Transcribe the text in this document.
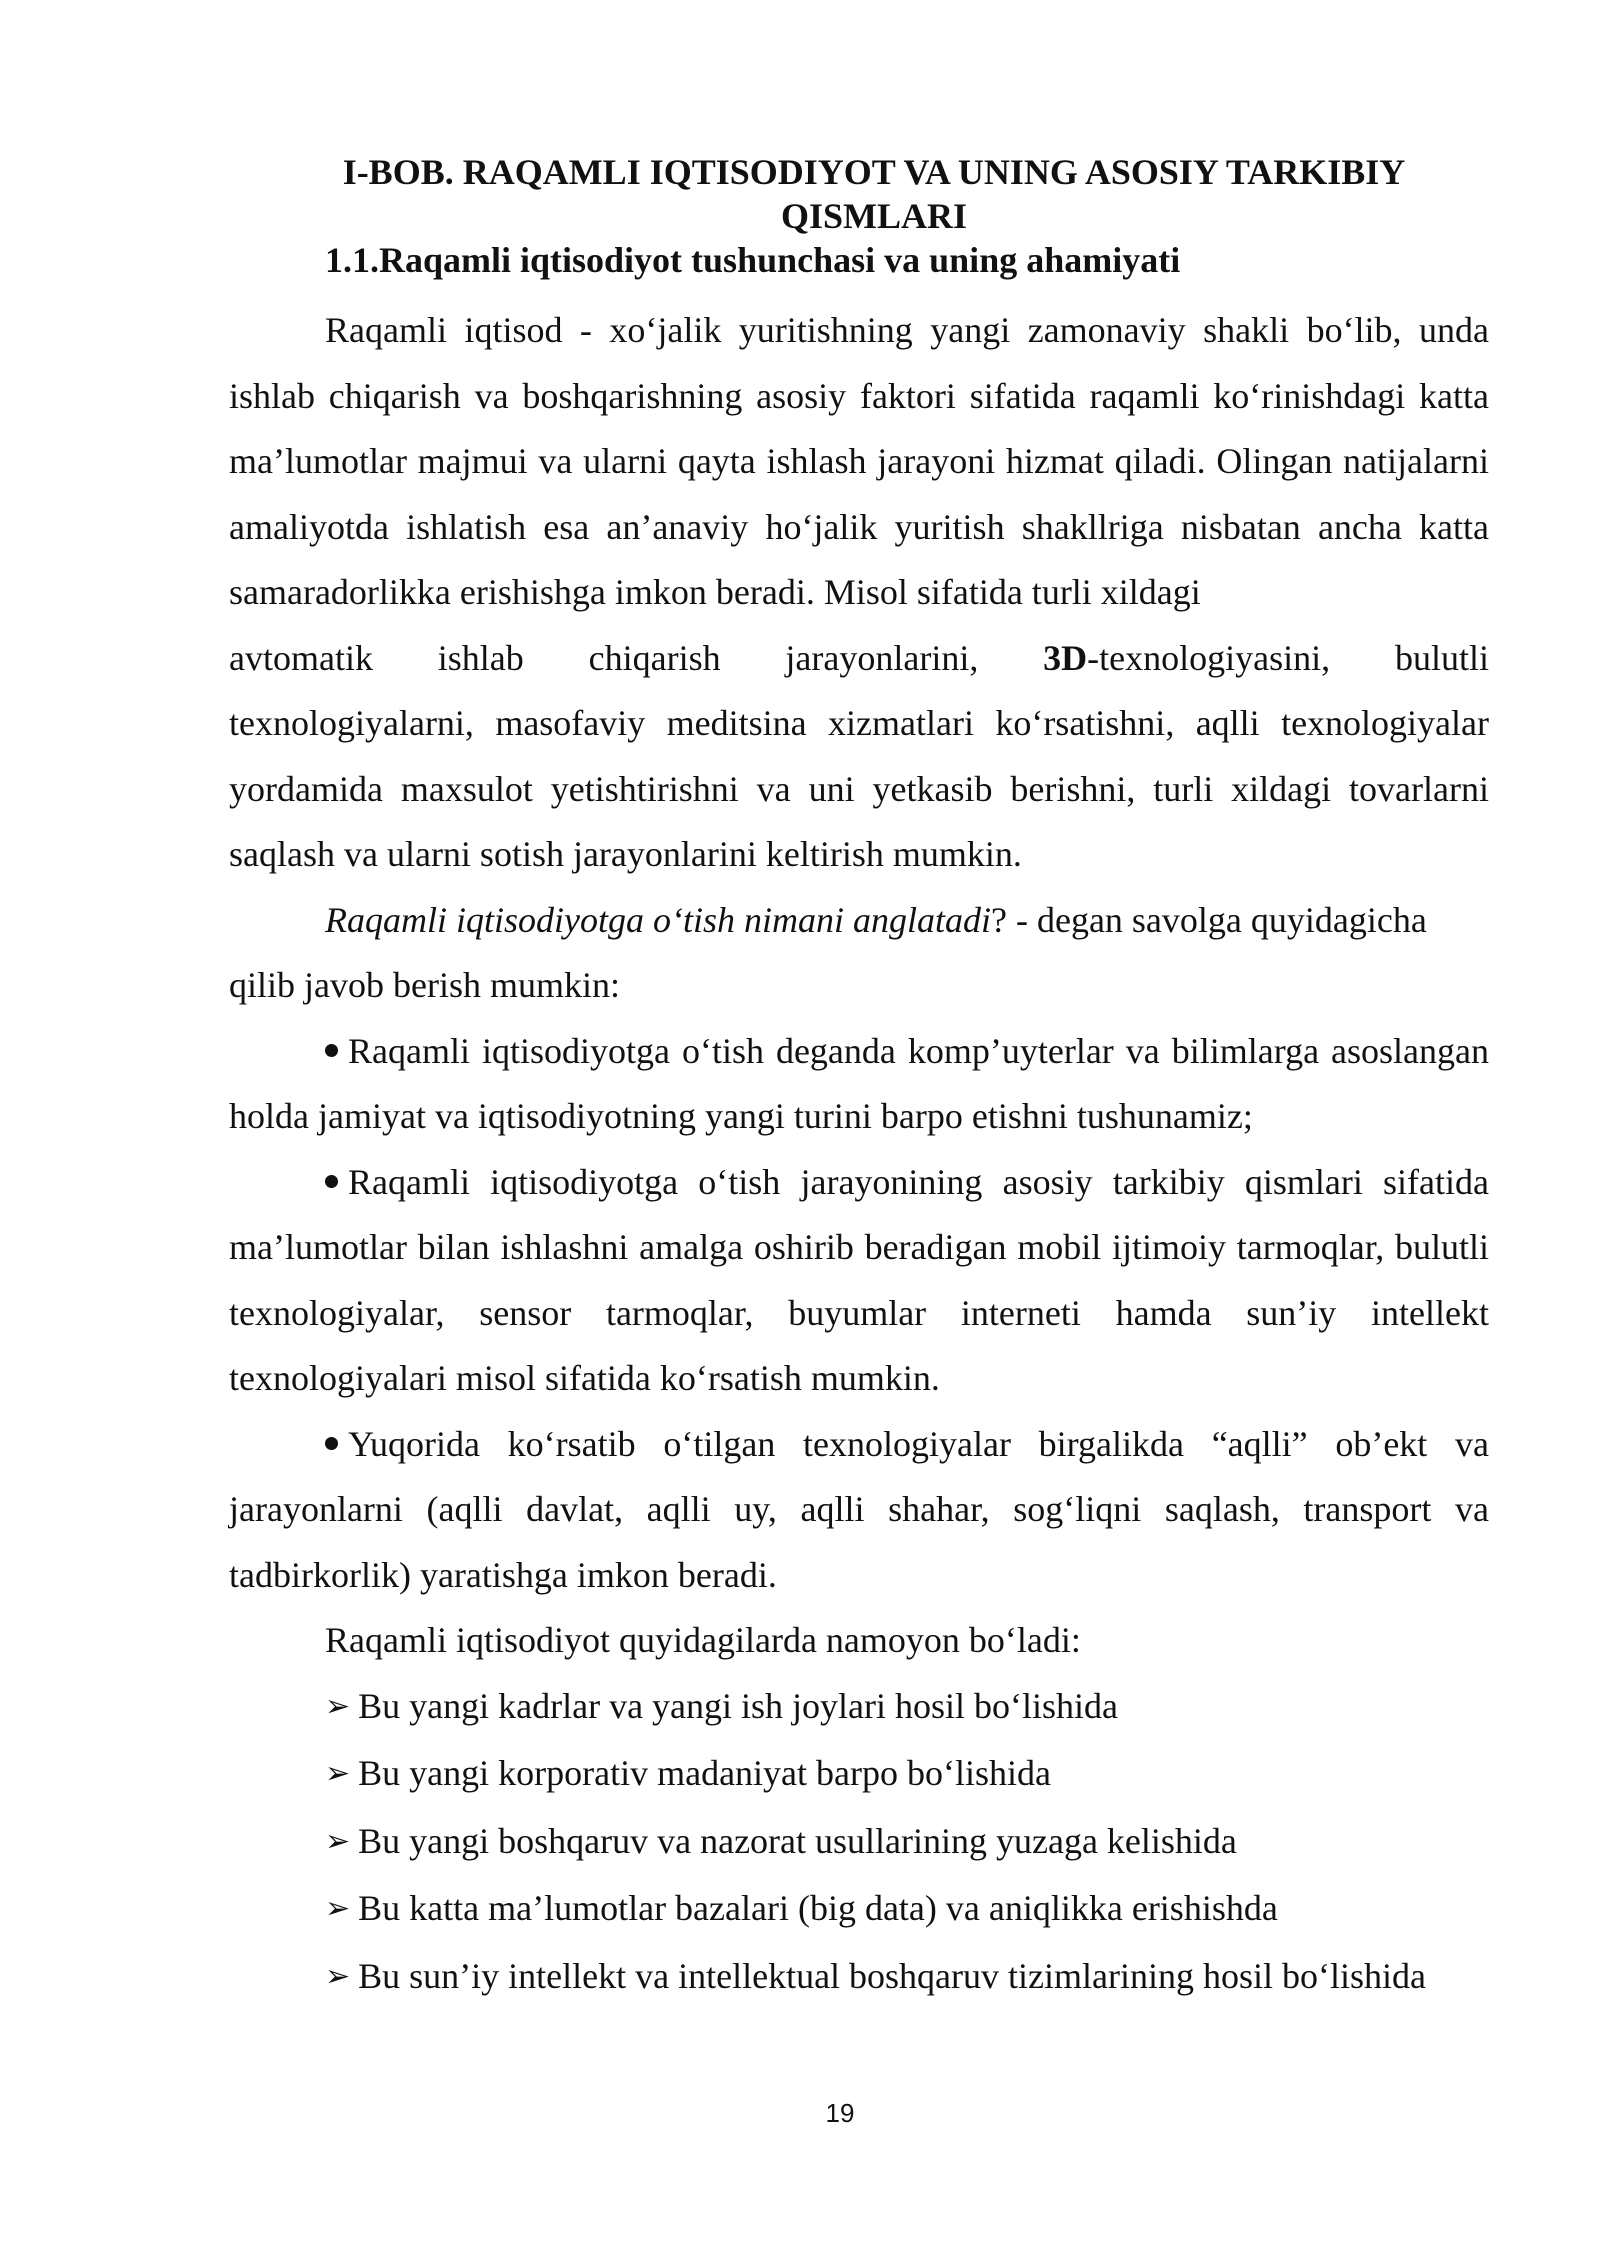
I-BOB. RAQAMLI IQTISODIYOT VA UNING ASOSIY TARKIBIY QISMLARI
1.1.Raqamli iqtisodiyot tushunchasi va uning ahamiyati

Raqamli iqtisod - xo‘jalik yuritishning yangi zamonaviy shakli bo‘lib, unda ishlab chiqarish va boshqarishning asosiy faktori sifatida raqamli ko‘rinishdagi katta ma’lumotlar majmui va ularni qayta ishlash jarayoni hizmat qiladi. Olingan natijalarni amaliyotda ishlatish esa an’anaviy ho‘jalik yuritish shakllriga nisbatan ancha katta samaradorlikka erishishga imkon beradi. Misol sifatida turli xildagi

avtomatik ishlab chiqarish jarayonlarini, 3D-texnologiyasini, bulutli

texnologiyalarni, masofaviy meditsina xizmatlari ko‘rsatishni, aqlli texnologiyalar yordamida maxsulot yetishtirishni va uni yetkasib berishni, turli xildagi tovarlarni saqlash va ularni sotish jarayonlarini keltirish mumkin.

Raqamli iqtisodiyotga o‘tish nimani anglatadi? - degan savolga quyidagicha qilib javob berish mumkin:

Raqamli iqtisodiyotga o‘tish deganda komp’uyterlar va bilimlarga asoslangan holda jamiyat va iqtisodiyotning yangi turini barpo etishni tushunamiz;

Raqamli iqtisodiyotga o‘tish jarayonining asosiy tarkibiy qismlari sifatida ma’lumotlar bilan ishlashni amalga oshirib beradigan mobil ijtimoiy tarmoqlar, bulutli texnologiyalar, sensor tarmoqlar, buyumlar interneti hamda sun’iy intellekt texnologiyalari misol sifatida ko‘rsatish mumkin.

Yuqorida ko‘rsatib o‘tilgan texnologiyalar birgalikda “aqlli” ob’ekt va jarayonlarni (aqlli davlat, aqlli uy, aqlli shahar, sog‘liqni saqlash, transport va tadbirkorlik) yaratishga imkon beradi.

Raqamli iqtisodiyot quyidagilarda namoyon bo‘ladi:

➢ Bu yangi kadrlar va yangi ish joylari hosil bo‘lishida
➢ Bu yangi korporativ madaniyat barpo bo‘lishida
➢ Bu yangi boshqaruv va nazorat usullarining yuzaga kelishida
➢ Bu katta ma’lumotlar bazalari (big data) va aniqlikka erishishda
➢ Bu sun’iy intellekt va intellektual boshqaruv tizimlarining hosil bo‘lishida
19
